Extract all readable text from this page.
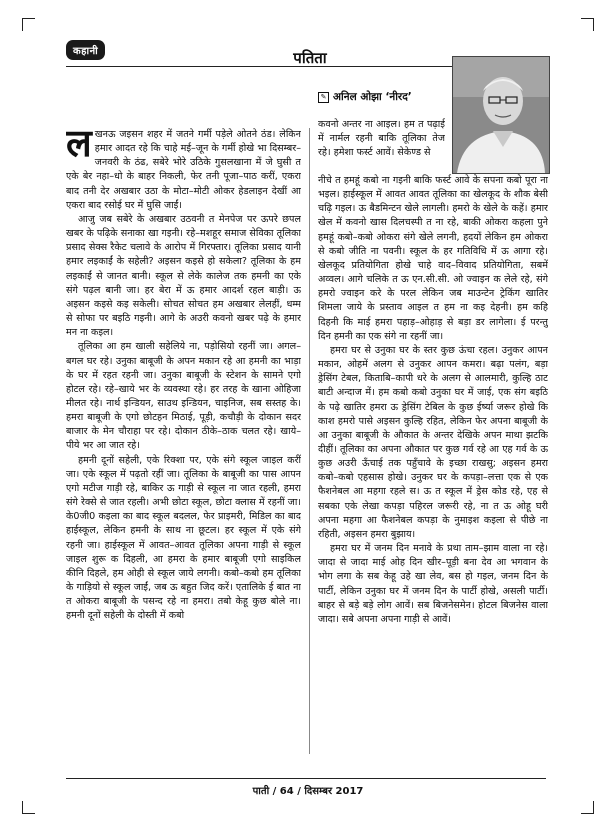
कहानी	पतिता
✎ अनिल ओझा ‘नीरद’
ल खनऊ जइसन शहर में जतने गर्मी पड़ेले ओतने ठंड। लेकिन हमार आदत रहे कि चाहे मई–जून के गर्मी होखे भा दिसम्बर–जनवरी के ठंढ, सबेरे भोरे उठिके गुसलखाना में जे घुसी त एके बेर नहा–धो के बाहर निकली, फेर तनी पूजा–पाठ करीं, एकरा बाद तनी देर अखबार उठा के मोटा–मोटी ओकर हेडलाइन देखीं आ एकरा बाद रसोई घर में घुसि जाईं।

आजु जब सबेरे के अखबार उठवनी त मेनपेज पर ऊपरे छपल खबर के पढ़िके सनाका खा गइनी। रहे–मशहूर समाज सेविका तूलिका प्रसाद सेक्स रैकेट चलावे के आरोप में गिरफ्तार। तूलिका प्रसाद यानी हमार लइकाईं के सहेली? अइसन कइसे हो सकेला? तूलिका के हम लइकाईं से जानत बानी। स्कूल से लेके कालेज तक हमनी का एके संगे पढ़ल बानी जा। हर बेरा में ऊ हमार आदर्श रहल बाड़ी। ऊ अइसन कइसे कइ सकेली। सोचत सोचत हम अखबार लेलहीं, धम्म से सोफा पर बइठि गइनी। आगे के अउरी कवनो खबर पढ़े के हमार मन ना कइल।

तूलिका आ हम खाली सहेलिये ना, पड़ोसियो रहनीं जा। अगल–बगल घर रहे। उनुका बाबूजी के अपन मकान रहे आ हमनी का भाड़ा के घर में रहत रहनी जा। उनुका बाबूजी के स्टेशन के सामने एगो होटल रहे। रहे–खाये भर के व्यवस्था रहे। हर तरह के खाना ओहिजा मीलत रहे। नार्थ इन्डियन, साउथ इन्डियन, चाइनिज, सब सस्तह के। हमरा बाबूजी के एगो छोटहन मिठाई, पूड़ी, कचौड़ी के दोकान सदर बाजार के मेन चौराहा पर रहे। दोकान ठीके–ठाक चलत रहे। खाये–पीये भर आ जात रहे।

हमनी दूनों सहेली, एके रिक्शा पर, एके संगे स्कूल जाइल करीं जा। एके स्कूल में पढ़तो रहीं जा। तूलिका के बाबूजी का पास आपन एगो मटीज गाड़ी रहे, बाकिर ऊ गाड़ी से स्कूल ना जात रहली, हमरा संगे रेक्से से जात रहली। अभी छोटा स्कूल, छोटा क्लास में रहनीं जा। के0जी0 कइला का बाद स्कूल बदलल, फेर प्राइमरी, मिडिल का बाद हाईस्कूल, लेकिन हमनी के साथ ना छूटल। हर स्कूल में एके संगे रहनी जा। हाईस्कूल में आवत–आवत तूलिका अपना गाड़ी से स्कूल जाइल शुरू क दिहली, आ हमरा के हमार बाबूजी एगो साइकिल कीनि दिहले, हम ओही से स्कूल जाये लगनी। कबो–कबो हम तूलिका के गाड़ियो से स्कूल जाईं, जब ऊ बहुत जिद करें। एतालिके ई बात ना त ओकरा बाबूजी के पसन्द रहे ना हमरा। तबो केहू कुछ बोले ना। हमनी दूनों सहेली के दोस्ती में कबो

कवनो अन्तर ना आइल। हम त पढ़ाई में नार्मल रहनी बाकि तूलिका तेज रहे। हमेशा फर्स्ट आवें। सेकेण्ड से

नीचे त हमहूं कबो ना गइनी बाकि फर्स्ट आवे के सपना कबो पूरा ना भइल। हाईस्कूल में आवत आवत तूलिका का खेलकूद के शौक बेसी चढ़ि गइल। ऊ बैडमिन्टन खेले लागली। हमरो के खेले के कहें। हमार खेल में कवनो खास दिलचस्पी त ना रहे, बाकी ओकरा कहला पुने हमहूं कबो–कबो ओकरा संगे खेले लगनी, हदयों लेकिन हम ओकरा से कबो जीति ना पवनी। स्कूल के हर गतिविधि में ऊ आगा रहे। खेलकूद प्रतियोगिता होखे चाहे वाद–विवाद प्रतियोगिता, सबमें अव्वल। आगे चलिके त ऊ एन.सी.सी. ओ ज्वाइन क लेले रहे, संगे हमरो ज्वाइन करे के परल लेकिन जब माउन्टेन ट्रेकिंग खातिर शिमला जाये के प्रस्ताव आइल त हम ना कइ देहनी। हम कहि दिहनी कि माई हमरा पहाड़–ओहाड़ से बड़ा डर लागेला। ई परन्तु दिन हमनी का एक संगे ना रहनीं जा।

हमरा घर से उनुका घर के स्तर कुछ ऊंचा रहल। उनुकर आपन मकान, ओहमें अलग से उनुकर आपन कमरा। बढ़ा पलंग, बड़ा ड्रेसिंग टेबल, किताबि–कापी धरे के अलग से आलमारी, कुल्हि ठाट बाटी अन्दाज में। हम कबो कबो उनुका घर में जाई, एक संग बइठि के पढ़े खातिर हमरा ऊ ड्रेसिंग टेबिल के कुछ ईर्ष्या जरूर होखे कि काश हमरो पासे अइसन कुल्हि रहित, लेकिन फेर अपना बाबूजी के आ उनुका बाबूजी के औकात के अन्तर देखिके अपन माथा झटकि दीहीं। तूलिका का अपना औकात पर कुछ गर्व रहे आ एह गर्व के ऊ कुछ अउरी ऊँचाई तक पहुँचावे के इच्छा राखसु; अइसन हमरा कबो–कबो एहसास होखे। उनुकर घर के कपड़ा–लत्ता एक से एक फैशनेबल आ महगा रहले स। ऊ त स्कूल में ड्रेस कोड रहे, एह से सबका एके लेखा कपड़ा पहिरल जरूरी रहे, ना त ऊ ओहू घरी अपना महगा आ फैशनेबल कपड़ा के नुमाइश कइला से पीछे ना रहिती, अइसन हमरा बुझाय।

हमरा घर में जनम दिन मनावे के प्रथा ताम–झाम वाला ना रहे। जादा से जादा माई ओह दिन खीर–पूड़ी बना देव आ भगवान के भोग लगा के सब केहू उहे खा लेव, बस हो गइल, जनम दिन के पार्टी, लेकिन उनुका घर में जनम दिन के पार्टी होखे, असली पार्टी। बाहर से बड़े बड़े लोग आवें। सब बिजनेसमेन। होटल बिजनेस वाला जादा। सबे अपना अपना गाड़ी से आवें।

पाती / 64 / दिसम्बर 2017
